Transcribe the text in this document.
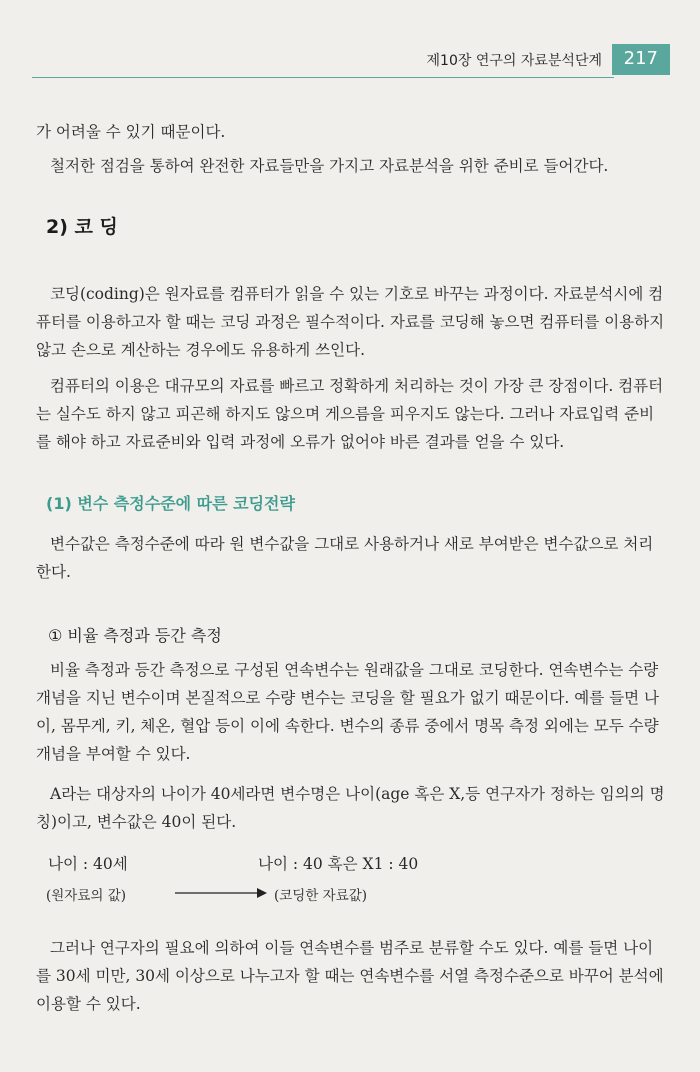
제10장 연구의 자료분석단계	217

가 어려울 수 있기 때문이다.

철저한 점검을 통하여 완전한 자료들만을 가지고 자료분석을 위한 준비로 들어간다.

2) 코 딩

코딩(coding)은 원자료를 컴퓨터가 읽을 수 있는 기호로 바꾸는 과정이다. 자료분석시에 컴퓨터를 이용하고자 할 때는 코딩 과정은 필수적이다. 자료를 코딩해 놓으면 컴퓨터를 이용하지 않고 손으로 계산하는 경우에도 유용하게 쓰인다.

컴퓨터의 이용은 대규모의 자료를 빠르고 정확하게 처리하는 것이 가장 큰 장점이다. 컴퓨터는 실수도 하지 않고 피곤해 하지도 않으며 게으름을 피우지도 않는다. 그러나 자료입력 준비를 해야 하고 자료준비와 입력 과정에 오류가 없어야 바른 결과를 얻을 수 있다.

(1) 변수 측정수준에 따른 코딩전략

변수값은 측정수준에 따라 원 변수값을 그대로 사용하거나 새로 부여받은 변수값으로 처리한다.

① 비율 측정과 등간 측정

비율 측정과 등간 측정으로 구성된 연속변수는 원래값을 그대로 코딩한다. 연속변수는 수량 개념을 지닌 변수이며 본질적으로 수량 변수는 코딩을 할 필요가 없기 때문이다. 예를 들면 나이, 몸무게, 키, 체온, 혈압 등이 이에 속한다. 변수의 종류 중에서 명목 측정 외에는 모두 수량 개념을 부여할 수 있다.

A라는 대상자의 나이가 40세라면 변수명은 나이(age 혹은 X,등 연구자가 정하는 임의의 명칭)이고, 변수값은 40이 된다.

나이 : 40세	나이 : 40 혹은 X1 : 40
(원자료의 값)	(코딩한 자료값)

그러나 연구자의 필요에 의하여 이들 연속변수를 범주로 분류할 수도 있다. 예를 들면 나이를 30세 미만, 30세 이상으로 나누고자 할 때는 연속변수를 서열 측정수준으로 바꾸어 분석에 이용할 수 있다.
